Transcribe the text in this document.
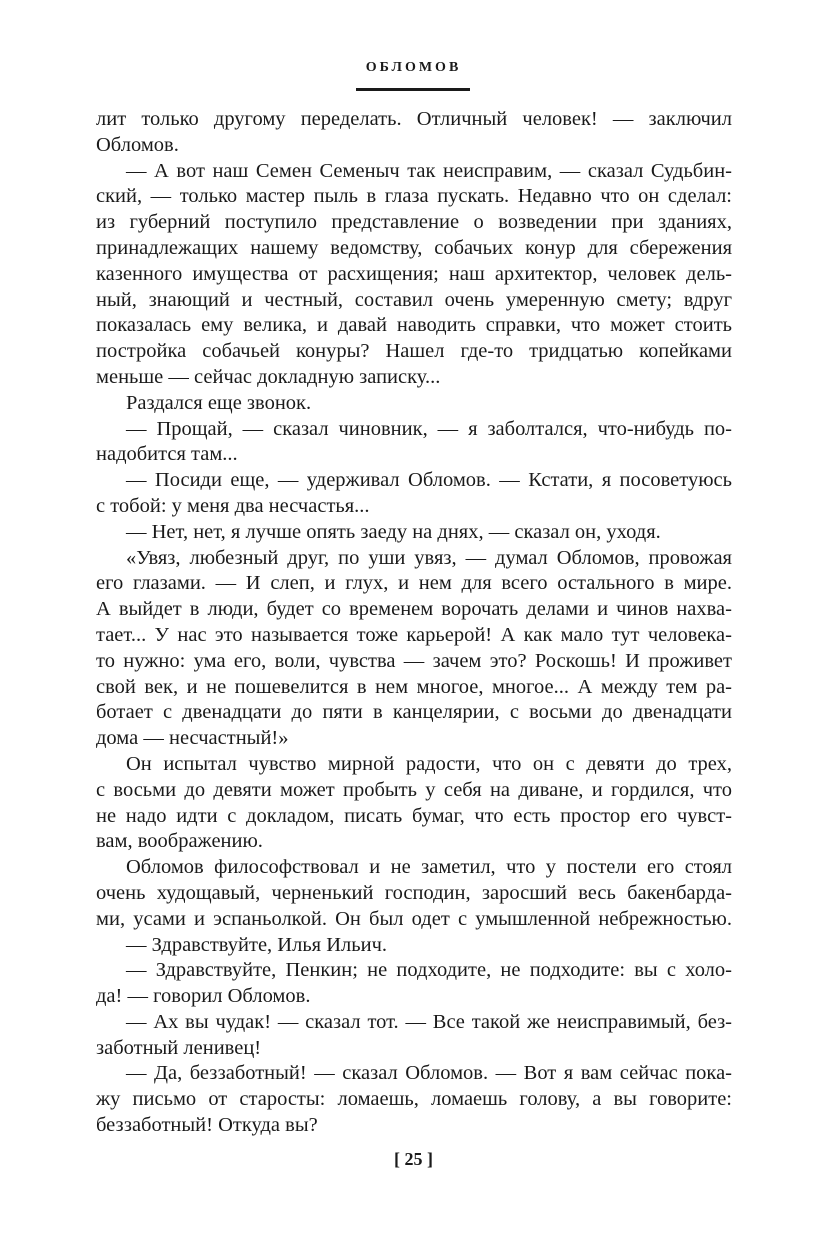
ОБЛОМОВ
лит только другому переделать. Отличный человек! — заключил
Обломов.
— А вот наш Семен Семеныч так неисправим, — сказал Судьбин-
ский, — только мастер пыль в глаза пускать. Недавно что он сделал:
из губерний поступило представление о возведении при зданиях,
принадлежащих нашему ведомству, собачьих конур для сбережения
казенного имущества от расхищения; наш архитектор, человек дель-
ный, знающий и честный, составил очень умеренную смету; вдруг
показалась ему велика, и давай наводить справки, что может стоить
постройка собачьей конуры? Нашел где-то тридцатью копейками
меньше — сейчас докладную записку...
Раздался еще звонок.
— Прощай, — сказал чиновник, — я заболтался, что-нибудь по-
надобится там...
— Посиди еще, — удерживал Обломов. — Кстати, я посоветуюсь
с тобой: у меня два несчастья...
— Нет, нет, я лучше опять заеду на днях, — сказал он, уходя.
«Увяз, любезный друг, по уши увяз, — думал Обломов, провожая
его глазами. — И слеп, и глух, и нем для всего остального в мире.
А выйдет в люди, будет со временем ворочать делами и чинов нахва-
тает... У нас это называется тоже карьерой! А как мало тут человека-
то нужно: ума его, воли, чувства — зачем это? Роскошь! И проживет
свой век, и не пошевелится в нем многое, многое... А между тем ра-
ботает с двенадцати до пяти в канцелярии, с восьми до двенадцати
дома — несчастный!»
Он испытал чувство мирной радости, что он с девяти до трех,
с восьми до девяти может пробыть у себя на диване, и гордился, что
не надо идти с докладом, писать бумаг, что есть простор его чувст-
вам, воображению.
Обломов философствовал и не заметил, что у постели его стоял
очень худощавый, черненький господин, заросший весь бакенбарда-
ми, усами и эспаньолкой. Он был одет с умышленной небрежностью.
— Здравствуйте, Илья Ильич.
— Здравствуйте, Пенкин; не подходите, не подходите: вы с холо-
да! — говорил Обломов.
— Ах вы чудак! — сказал тот. — Все такой же неисправимый, без-
заботный ленивец!
— Да, беззаботный! — сказал Обломов. — Вот я вам сейчас пока-
жу письмо от старосты: ломаешь, ломаешь голову, а вы говорите:
беззаботный! Откуда вы?
[ 25 ]
